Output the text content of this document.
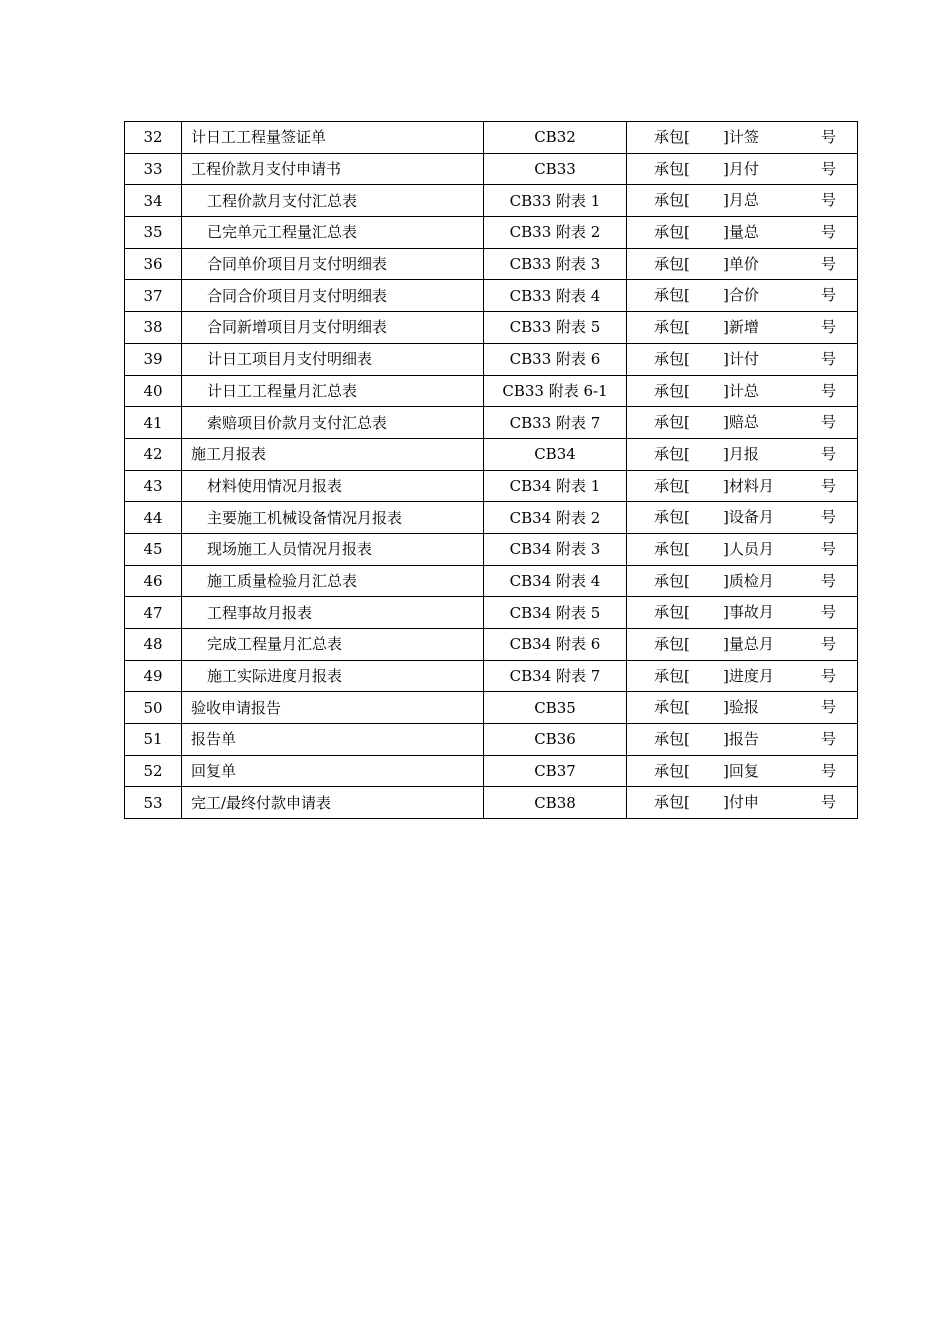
32	计日工工程量签证单	CB32	承包[ ]计签 号

33	工程价款月支付申请书	CB33	承包[ ]月付 号

34	工程价款月支付汇总表	CB33 附表 1	承包[ ]月总 号

35	已完单元工程量汇总表	CB33 附表 2	承包[ ]量总 号

36	合同单价项目月支付明细表	CB33 附表 3	承包[ ]单价 号

37	合同合价项目月支付明细表	CB33 附表 4	承包[ ]合价 号

38	合同新增项目月支付明细表	CB33 附表 5	承包[ ]新增 号

39	计日工项目月支付明细表	CB33 附表 6	承包[ ]计付 号

40	计日工工程量月汇总表	CB33 附表 6-1	承包[ ]计总 号

41	索赔项目价款月支付汇总表	CB33 附表 7	承包[ ]赔总 号

42	施工月报表	CB34	承包[ ]月报 号

43	材料使用情况月报表	CB34 附表 1	承包[ ]材料月 号

44	主要施工机械设备情况月报表	CB34 附表 2	承包[ ]设备月 号

45	现场施工人员情况月报表	CB34 附表 3	承包[ ]人员月 号

46	施工质量检验月汇总表	CB34 附表 4	承包[ ]质检月 号

47	工程事故月报表	CB34 附表 5	承包[ ]事故月 号

48	完成工程量月汇总表	CB34 附表 6	承包[ ]量总月 号

49	施工实际进度月报表	CB34 附表 7	承包[ ]进度月 号

50	验收申请报告	CB35	承包[ ]验报 号

51	报告单	CB36	承包[ ]报告 号

52	回复单	CB37	承包[ ]回复 号

53	完工/最终付款申请表	CB38	承包[ ]付申 号
